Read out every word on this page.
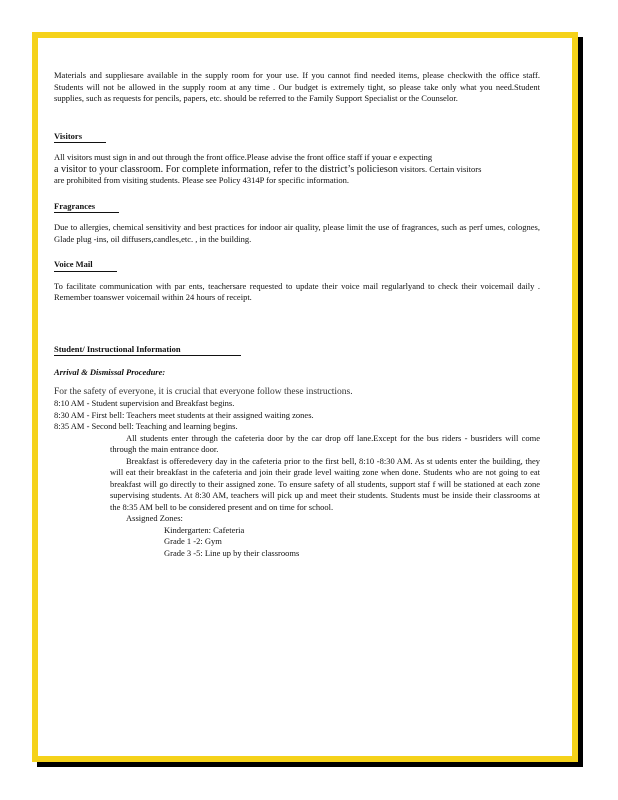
Materials and suppliesare available in the supply room for your use. If you cannot find needed items, please checkwith the office staff. Students will not be allowed in the supply room at any time . Our budget is extremely tight, so please take only what you need.Student supplies, such as requests for pencils, papers, etc. should be referred to the Family Support Specialist or the Counselor.

Visitors

All visitors must sign in and out through the front office.Please advise the front office staff if youar e expecting

a visitor to your classroom. For complete information, refer to the district’s policieson visitors. Certain visitors

are prohibited from visiting students. Please see Policy 4314P for specific information.

Fragrances

Due to allergies, chemical sensitivity and best practices for indoor air quality, please limit the use of fragrances, such as perf umes, colognes, Glade plug -ins, oil diffusers,candles,etc. , in the building.

Voice Mail

To facilitate communication with par ents, teachersare requested to update their voice mail regularlyand to check their voicemail daily . Remember toanswer voicemail within 24 hours of receipt.

Student/ Instructional Information
Arrival & Dismissal Procedure:

For the safety of everyone, it is crucial that everyone follow these instructions.

8:10 AM - Student supervision and Breakfast begins.

8:30 AM - First bell: Teachers meet students at their assigned waiting zones.

8:35 AM - Second bell: Teaching and learning begins.

All students enter through the cafeteria door by the car drop off lane.Except for the bus riders - busriders will come through the main entrance door.
Breakfast is offeredevery day in the cafeteria prior to the first bell, 8:10 -8:30 AM. As st udents enter the building, they will eat their breakfast in the cafeteria and join their grade level waiting zone when done. Students who are not going to eat breakfast will go directly to their assigned zone. To ensure safety of all students, support staf f will be stationed at each zone supervising students. At 8:30 AM, teachers will pick up and meet their students. Students must be inside their classrooms at the 8:35 AM bell to be considered present and on time for school.
Assigned Zones:
Kindergarten: Cafeteria
Grade 1 -2: Gym
Grade 3 -5: Line up by their classrooms
